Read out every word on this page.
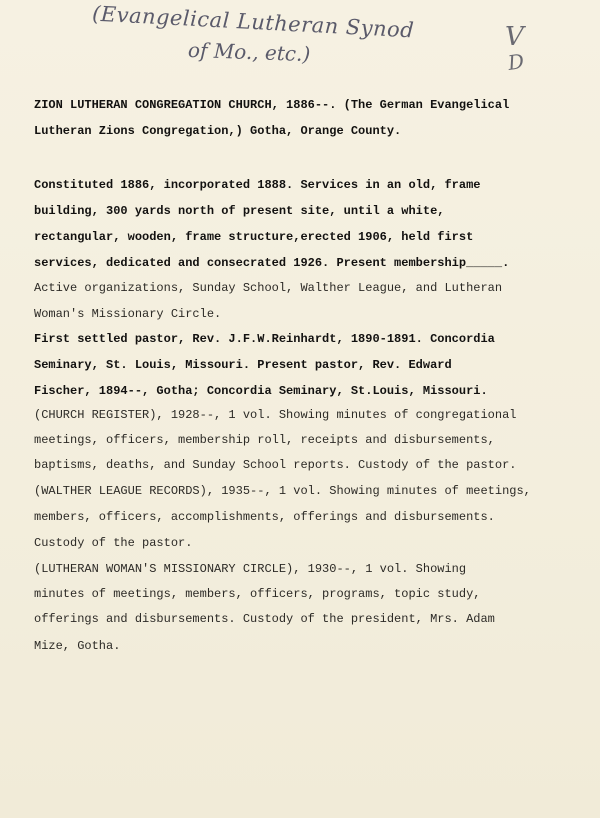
(Evangelical Lutheran Synod
of Mo., etc.)	V
D
ZION LUTHERAN CONGREGATION CHURCH, 1886--. (The German Evangelical
Lutheran Zions Congregation,) Gotha, Orange County.
Constituted 1886, incorporated 1888. Services in an old, frame
building, 300 yards north of present site, until a white,
rectangular, wooden, frame structure,erected 1906, held first
services, dedicated and consecrated 1926. Present membership_____.
Active organizations, Sunday School, Walther League, and Lutheran
Woman's Missionary Circle.
First settled pastor, Rev. J.F.W.Reinhardt, 1890-1891. Concordia
Seminary, St. Louis, Missouri. Present pastor, Rev. Edward
Fischer, 1894--, Gotha; Concordia Seminary, St.Louis, Missouri.
(CHURCH REGISTER), 1928--, 1 vol. Showing minutes of congregational
meetings, officers, membership roll, receipts and disbursements,
baptisms, deaths, and Sunday School reports. Custody of the pastor.
(WALTHER LEAGUE RECORDS), 1935--, 1 vol. Showing minutes of meetings,
members, officers, accomplishments, offerings and disbursements.
Custody of the pastor.
(LUTHERAN WOMAN'S MISSIONARY CIRCLE), 1930--, 1 vol. Showing
minutes of meetings, members, officers, programs, topic study,
offerings and disbursements. Custody of the president, Mrs. Adam
Mize, Gotha.
